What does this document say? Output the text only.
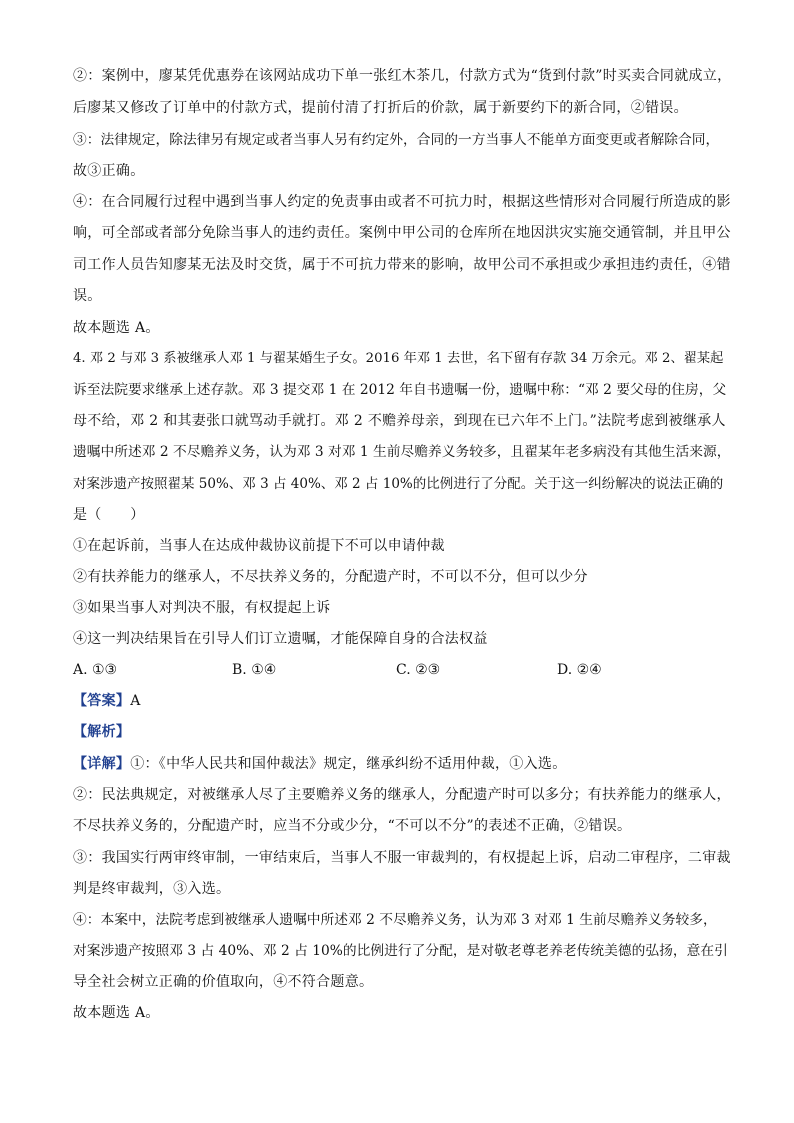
②：案例中，廖某凭优惠券在该网站成功下单一张红木茶几，付款方式为“货到付款”时买卖合同就成立，
后廖某又修改了订单中的付款方式，提前付清了打折后的价款，属于新要约下的新合同，②错误。
③：法律规定，除法律另有规定或者当事人另有约定外，合同的一方当事人不能单方面变更或者解除合同，
故③正确。
④：在合同履行过程中遇到当事人约定的免责事由或者不可抗力时，根据这些情形对合同履行所造成的影
响，可全部或者部分免除当事人的违约责任。案例中甲公司的仓库所在地因洪灾实施交通管制，并且甲公
司工作人员告知廖某无法及时交货，属于不可抗力带来的影响，故甲公司不承担或少承担违约责任，④错
误。
故本题选 A。
4. 邓 2 与邓 3 系被继承人邓 1 与翟某婚生子女。2016 年邓 1 去世，名下留有存款 34 万余元。邓 2、翟某起
诉至法院要求继承上述存款。邓 3 提交邓 1 在 2012 年自书遗嘱一份，遗嘱中称：“邓 2 要父母的住房，父
母不给，邓 2 和其妻张口就骂动手就打。邓 2 不赡养母亲，到现在已六年不上门。”法院考虑到被继承人
遗嘱中所述邓 2 不尽赡养义务，认为邓 3 对邓 1 生前尽赡养义务较多，且翟某年老多病没有其他生活来源，
对案涉遗产按照翟某 50%、邓 3 占 40%、邓 2 占 10%的比例进行了分配。关于这一纠纷解决的说法正确的
是（　　）
①在起诉前，当事人在达成仲裁协议前提下不可以申请仲裁
②有扶养能力的继承人，不尽扶养义务的，分配遗产时，不可以不分，但可以少分
③如果当事人对判决不服，有权提起上诉
④这一判决结果旨在引导人们订立遗嘱，才能保障自身的合法权益
A. ①③	B. ①④	C. ②③	D. ②④
【答案】A
【解析】
【详解】①：《中华人民共和国仲裁法》规定，继承纠纷不适用仲裁，①入选。
②：民法典规定，对被继承人尽了主要赡养义务的继承人，分配遗产时可以多分；有扶养能力的继承人，
不尽扶养义务的，分配遗产时，应当不分或少分，“不可以不分”的表述不正确，②错误。
③：我国实行两审终审制，一审结束后，当事人不服一审裁判的，有权提起上诉，启动二审程序，二审裁
判是终审裁判，③入选。
④：本案中，法院考虑到被继承人遗嘱中所述邓 2 不尽赡养义务，认为邓 3 对邓 1 生前尽赡养义务较多，
对案涉遗产按照邓 3 占 40%、邓 2 占 10%的比例进行了分配，是对敬老尊老养老传统美德的弘扬，意在引
导全社会树立正确的价值取向，④不符合题意。
故本题选 A。
